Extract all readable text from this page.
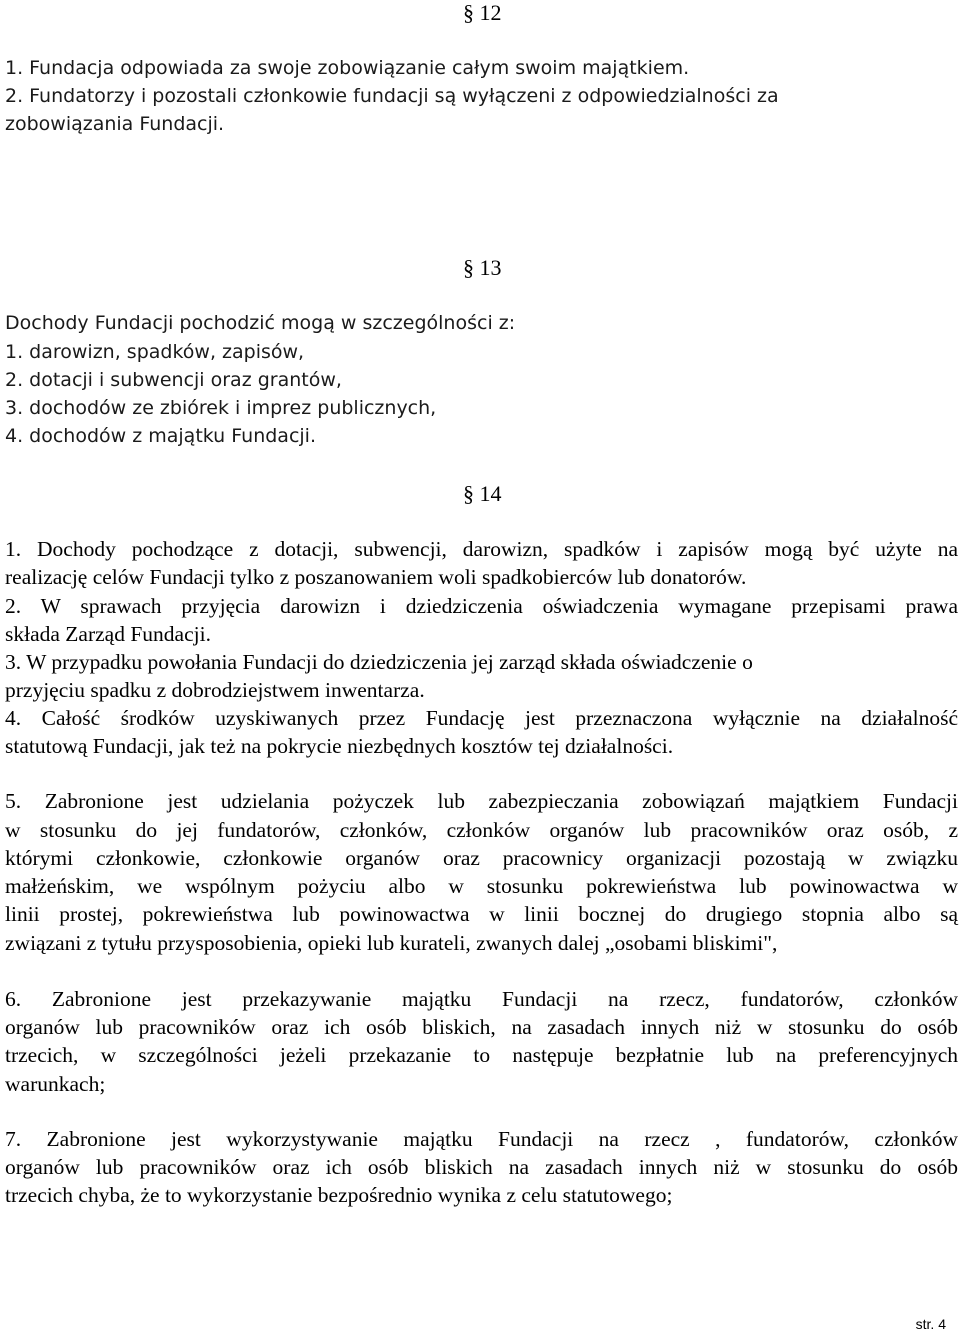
§ 12
1. Fundacja odpowiada za swoje zobowiązanie całym swoim majątkiem.
2. Fundatorzy i pozostali członkowie fundacji są wyłączeni z odpowiedzialności za
zobowiązania Fundacji.
§ 13
Dochody Fundacji pochodzić mogą w szczególności z:
1. darowizn, spadków, zapisów,
2. dotacji i subwencji oraz grantów,
3. dochodów ze zbiórek i imprez publicznych,
4. dochodów z majątku Fundacji.
§ 14
1. Dochody pochodzące z dotacji, subwencji, darowizn, spadków i zapisów mogą być użyte na
realizację celów Fundacji tylko z poszanowaniem woli spadkobierców lub donatorów.
2. W sprawach przyjęcia darowizn i dziedziczenia oświadczenia wymagane przepisami prawa
składa Zarząd Fundacji.
3. W przypadku powołania Fundacji do dziedziczenia jej zarząd składa oświadczenie o
przyjęciu spadku z dobrodziejstwem inwentarza.
4. Całość środków uzyskiwanych przez Fundację jest przeznaczona wyłącznie na działalność
statutową Fundacji, jak też na pokrycie niezbędnych kosztów tej działalności.
5. Zabronione jest udzielania pożyczek lub zabezpieczania zobowiązań majątkiem Fundacji
w stosunku do jej fundatorów, członków, członków organów lub pracowników oraz osób, z
którymi członkowie, członkowie organów oraz pracownicy organizacji pozostają w związku
małżeńskim, we wspólnym pożyciu albo w stosunku pokrewieństwa lub powinowactwa w
linii prostej, pokrewieństwa lub powinowactwa w linii bocznej do drugiego stopnia albo są
związani z tytułu przysposobienia, opieki lub kurateli, zwanych dalej „osobami bliskimi",
6. Zabronione jest przekazywanie majątku Fundacji na rzecz, fundatorów, członków
organów lub pracowników oraz ich osób bliskich, na zasadach innych niż w stosunku do osób
trzecich, w szczególności jeżeli przekazanie to następuje bezpłatnie lub na preferencyjnych
warunkach;
7. Zabronione jest wykorzystywanie majątku Fundacji na rzecz , fundatorów, członków
organów lub pracowników oraz ich osób bliskich na zasadach innych niż w stosunku do osób
trzecich chyba, że to wykorzystanie bezpośrednio wynika z celu statutowego;
str. 4
